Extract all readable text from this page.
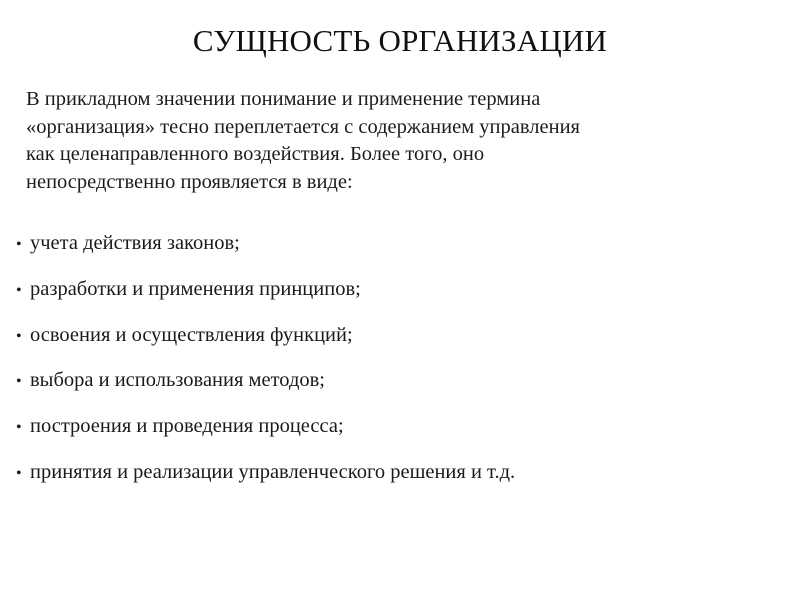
СУЩНОСТЬ ОРГАНИЗАЦИИ
В прикладном значении понимание и применение термина
«организация» тесно переплетается с содержанием управления
как целенаправленного воздействия. Более того, оно
непосредственно проявляется в виде:
• учета действия законов;
• разработки и применения принципов;
• освоения и осуществления функций;
• выбора и использования методов;
• построения и проведения процесса;
• принятия и реализации управленческого решения и т.д.
